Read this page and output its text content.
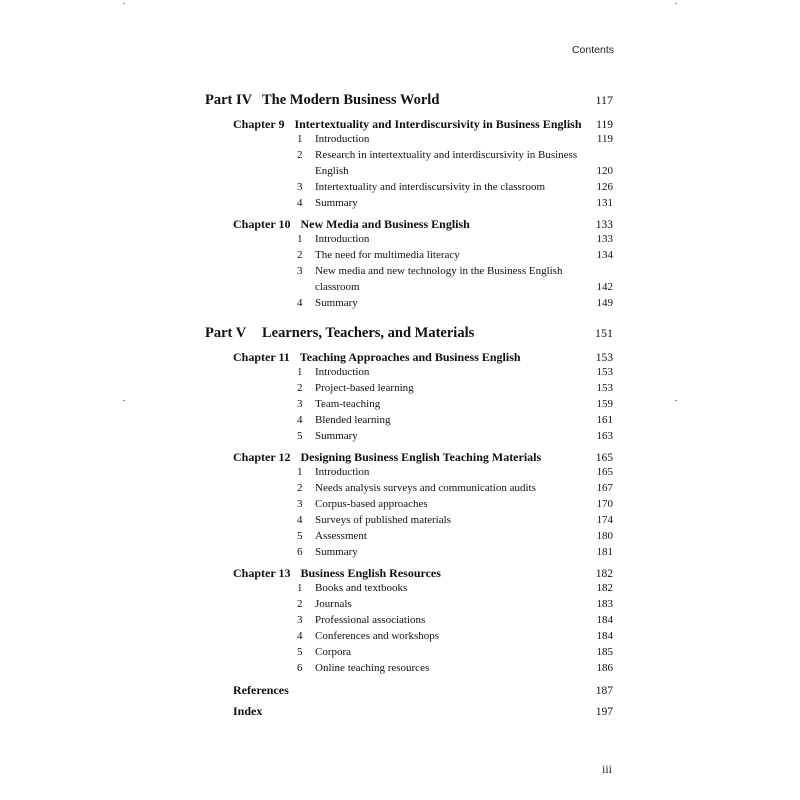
Contents
Part IV The Modern Business World	117
Chapter 9 Intertextuality and Interdiscursivity in Business English	119
1	Introduction	119
2	Research in intertextuality and interdiscursivity in Business
English	120
3	Intertextuality and interdiscursivity in the classroom	126
4	Summary	131
Chapter 10 New Media and Business English	133
1	Introduction	133
2	The need for multimedia literacy	134
3	New media and new technology in the Business English
classroom	142
4	Summary	149
Part V	Learners, Teachers, and Materials	151
Chapter 11 Teaching Approaches and Business English	153
1	Introduction	153
2	Project-based learning	153
3	Team-teaching	159
4	Blended learning	161
5	Summary	163
Chapter 12 Designing Business English Teaching Materials	165
1	Introduction	165
2	Needs analysis surveys and communication audits	167
3	Corpus-based approaches	170
4	Surveys of published materials	174
5	Assessment	180
6	Summary	181
Chapter 13 Business English Resources	182
1	Books and textbooks	182
2	Journals	183
3	Professional associations	184
4	Conferences and workshops	184
5	Corpora	185
6	Online teaching resources	186
References	187
Index	197
iii
